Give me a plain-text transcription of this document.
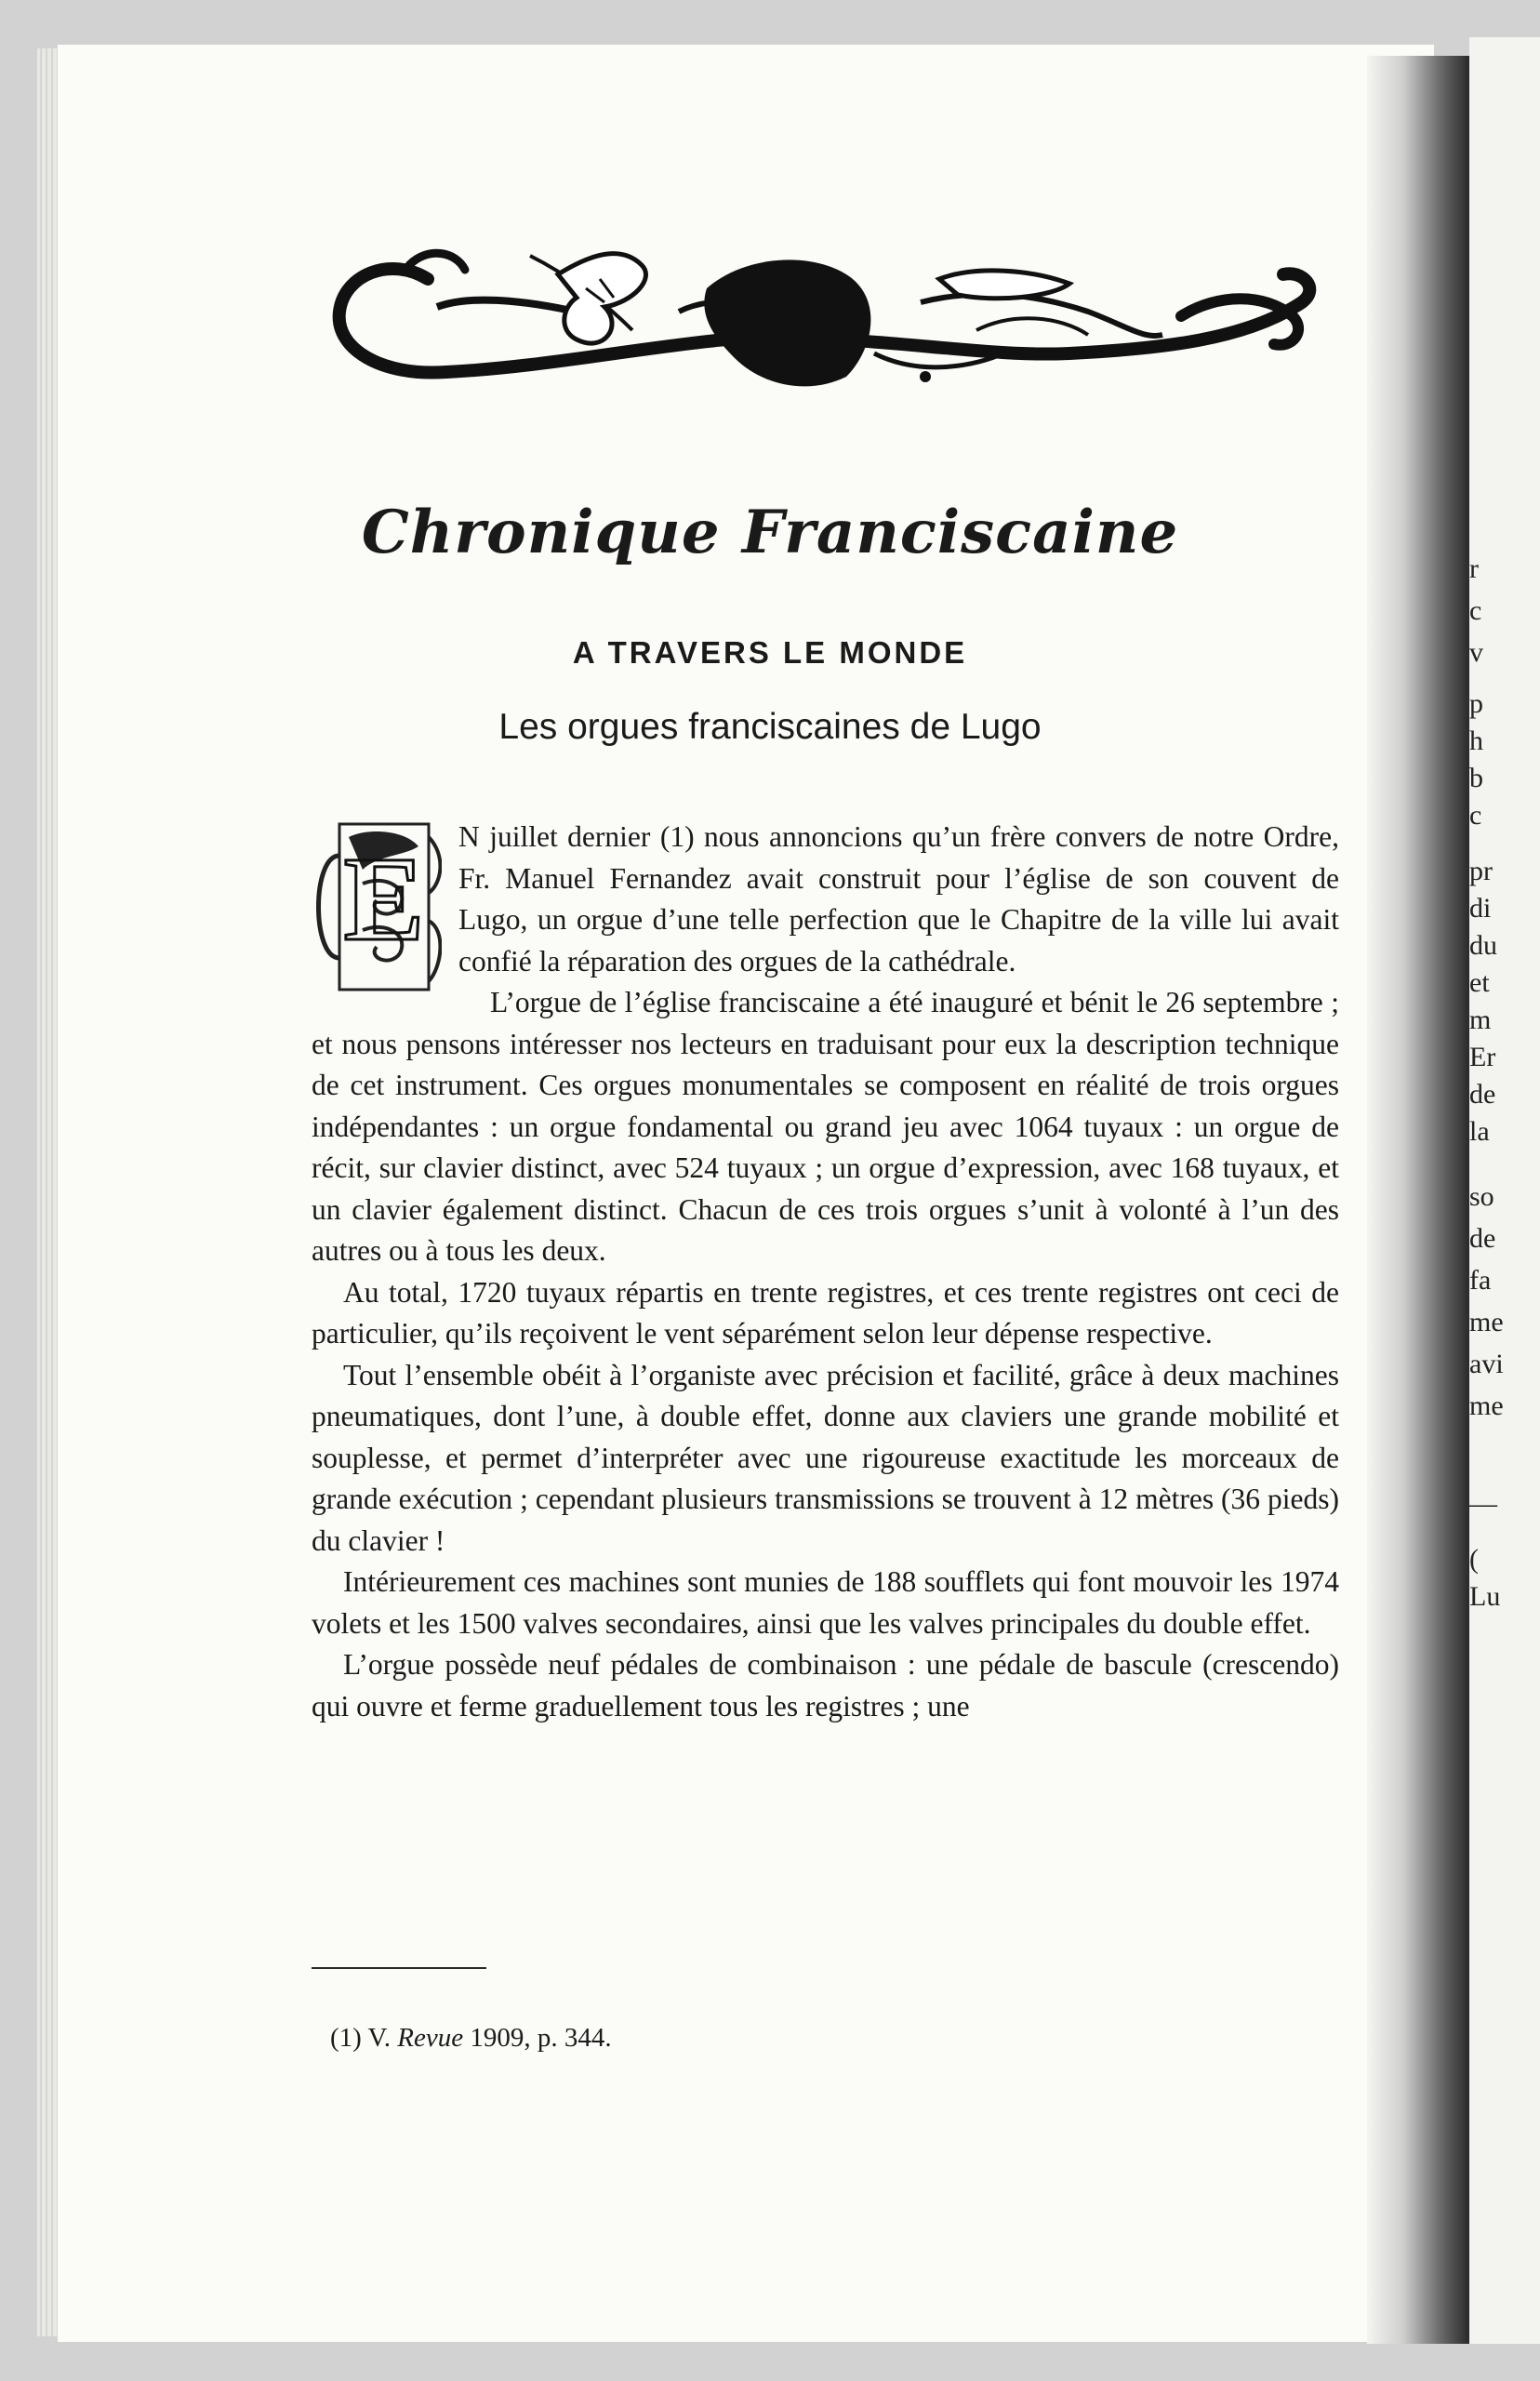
r
c
v
p
h
b
c
pr
di
du
et
m
Er
de
la
so
de
fa
me
avi
me
—
(
Lu
Chronique Franciscaine
A TRAVERS LE MONDE
Les orgues franciscaines de Lugo
E	N juillet dernier (1) nous annoncions qu’un frère convers de notre Ordre, Fr. Manuel Fernandez avait construit pour l’église de son couvent de Lugo, un orgue d’une telle perfection que le Chapitre de la ville lui avait confié la réparation des orgues de la cathédrale.

L’orgue de l’église franciscaine a été inauguré et bénit le 26 septembre ; et nous pensons intéresser nos lecteurs en traduisant pour eux la description technique de cet instrument. Ces orgues monumentales se composent en réalité de trois orgues indépendantes : un orgue fondamental ou grand jeu avec 1064 tuyaux : un orgue de récit, sur clavier distinct, avec 524 tuyaux ; un orgue d’expression, avec 168 tuyaux, et un clavier également distinct. Chacun de ces trois orgues s’unit à volonté à l’un des autres ou à tous les deux.

Au total, 1720 tuyaux répartis en trente registres, et ces trente registres ont ceci de particulier, qu’ils reçoivent le vent séparément selon leur dépense respective.

Tout l’ensemble obéit à l’organiste avec précision et facilité, grâce à deux machines pneumatiques, dont l’une, à double effet, donne aux claviers une grande mobilité et souplesse, et permet d’interpréter avec une rigoureuse exactitude les morceaux de grande exécution ; cependant plusieurs transmissions se trouvent à 12 mètres (36 pieds) du clavier !

Intérieurement ces machines sont munies de 188 soufflets qui font mouvoir les 1974 volets et les 1500 valves secondaires, ainsi que les valves principales du double effet.

L’orgue possède neuf pédales de combinaison : une pédale de bascule (crescendo) qui ouvre et ferme graduellement tous les registres ; une

(1) V. Revue 1909, p. 344.
